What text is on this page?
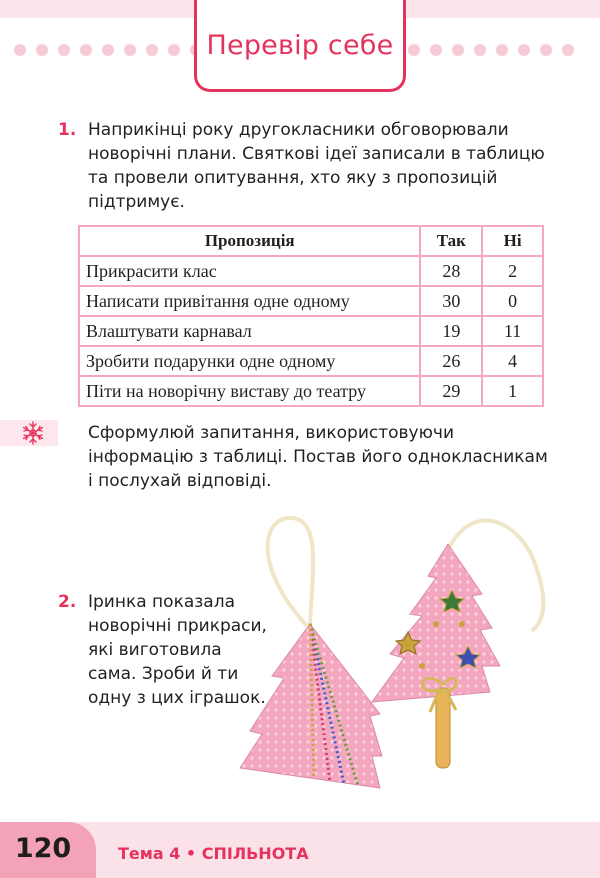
Перевір себе
1. Наприкінці року другокласники обговорювали
новорічні плани. Святкові ідеї записали в таблицю
та провели опитування, хто яку з пропозицій
підтримує.
Пропозиція	Так	Ні
Прикрасити клас	28	2
Написати привітання одне одному	30	0
Влаштувати карнавал	19	11
Зробити подарунки одне одному	26	4
Піти на новорічну виставу до театру	29	1
Сформулюй запитання, використовуючи
інформацію з таблиці. Постав його однокласникам
і послухай відповіді.
2. Іринка показала
новорічні прикраси,
які виготовила
сама. Зроби й ти
одну з цих іграшок.
120	Тема 4 • СПІЛЬНОТА
